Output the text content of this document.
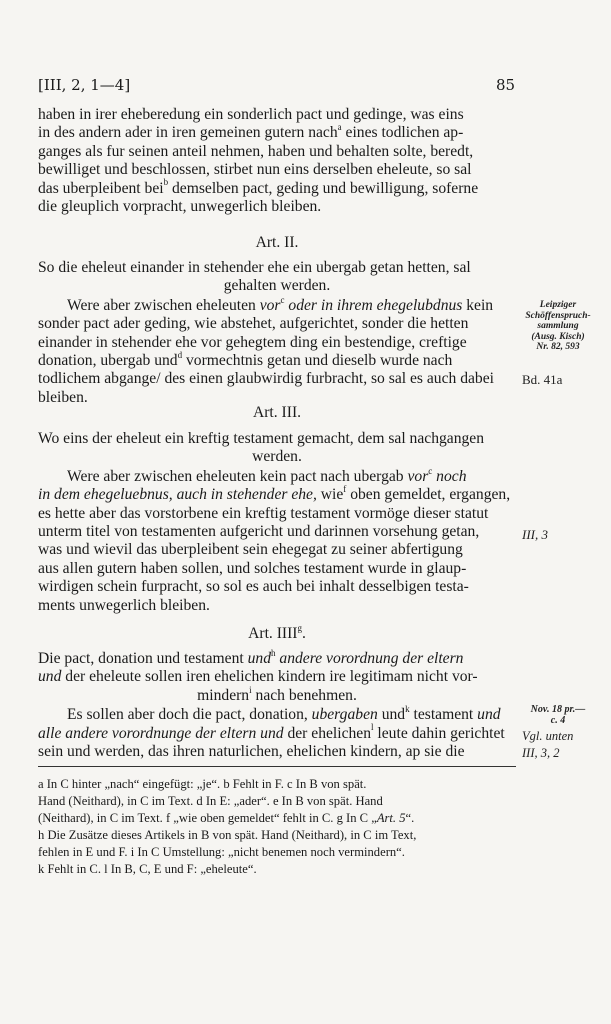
[III, 2, 1—4]	85

haben in irer eheberedung ein sonderlich pact und gedinge, was eins
in des andern ader in iren gemeinen gutern nach$^a$ eines todlichen ap-
ganges als fur seinen anteil nehmen, haben und behalten solte, beredt,
bewilliget und beschlossen, stirbet nun eins derselben eheleute, so sal
das uberpleibent bei$^b$ demselben pact, geding und bewilligung, soferne
die gleuplich vorpracht, unwegerlich bleiben.

Art. II.

So die eheleut einander in stehender ehe ein ubergab getan hetten, sal

gehalten werden.

Were aber zwischen eheleuten vor$^c$ oder in ihrem ehegelubdnus kein

sonder pact ader geding, wie abstehet, aufgerichtet, sonder die hetten
einander in stehender ehe vor gehegtem ding ein bestendige, creftige
donation, ubergab und$^d$ vormechtnis getan und dieselb wurde nach
todlichem abgange/ des einen glaubwirdig furbracht, so sal es auch dabei
bleiben.

Art. III.

Wo eins der eheleut ein kreftig testament gemacht, dem sal nachgangen

werden.

Were aber zwischen eheleuten kein pact nach ubergab vor$^c$ noch

in dem ehegeluebnus, auch in stehender ehe, wie$^f$ oben gemeldet, ergangen,
es hette aber das vorstorbene ein kreftig testament vormöge dieser statut
unterm titel von testamenten aufgericht und darinnen vorsehung getan,
was und wievil das uberpleibent sein ehegegat zu seiner abfertigung
aus allen gutern haben sollen, und solches testament wurde in glaup-
wirdigen schein furpracht, so sol es auch bei inhalt desselbigen testa-
ments unwegerlich bleiben.

Art. IIII$^g$.

Die pact, donation und testament und$^h$ andere vorordnung der eltern
und der eheleute sollen iren ehelichen kindern ire legitimam nicht vor-

mindern$^i$ nach benehmen.

Es sollen aber doch die pact, donation, ubergaben und$^k$ testament und
alle andere vorordnunge der eltern und der ehelichen$^l$ leute dahin gerichtet
sein und werden, das ihren naturlichen, ehelichen kindern, ap sie die

Leipziger
Schöffenspruch-
sammlung
(Ausg. Kisch)
Nr. 82, 593
Bd. 41a
III, 3
Nov. 18 pr.—
c. 4
Vgl. unten
III, 3, 2

a In C hinter „nach“ eingefügt: „je“. b Fehlt in F. c In B von spät.

Hand (Neithard), in C im Text. d In E: „ader“. e In B von spät. Hand

(Neithard), in C im Text. f „wie oben gemeldet“ fehlt in C. g In C „Art. 5“.

h Die Zusätze dieses Artikels in B von spät. Hand (Neithard), in C im Text,

fehlen in E und F. i In C Umstellung: „nicht benemen noch vermindern“.

k Fehlt in C. l In B, C, E und F: „eheleute“.
